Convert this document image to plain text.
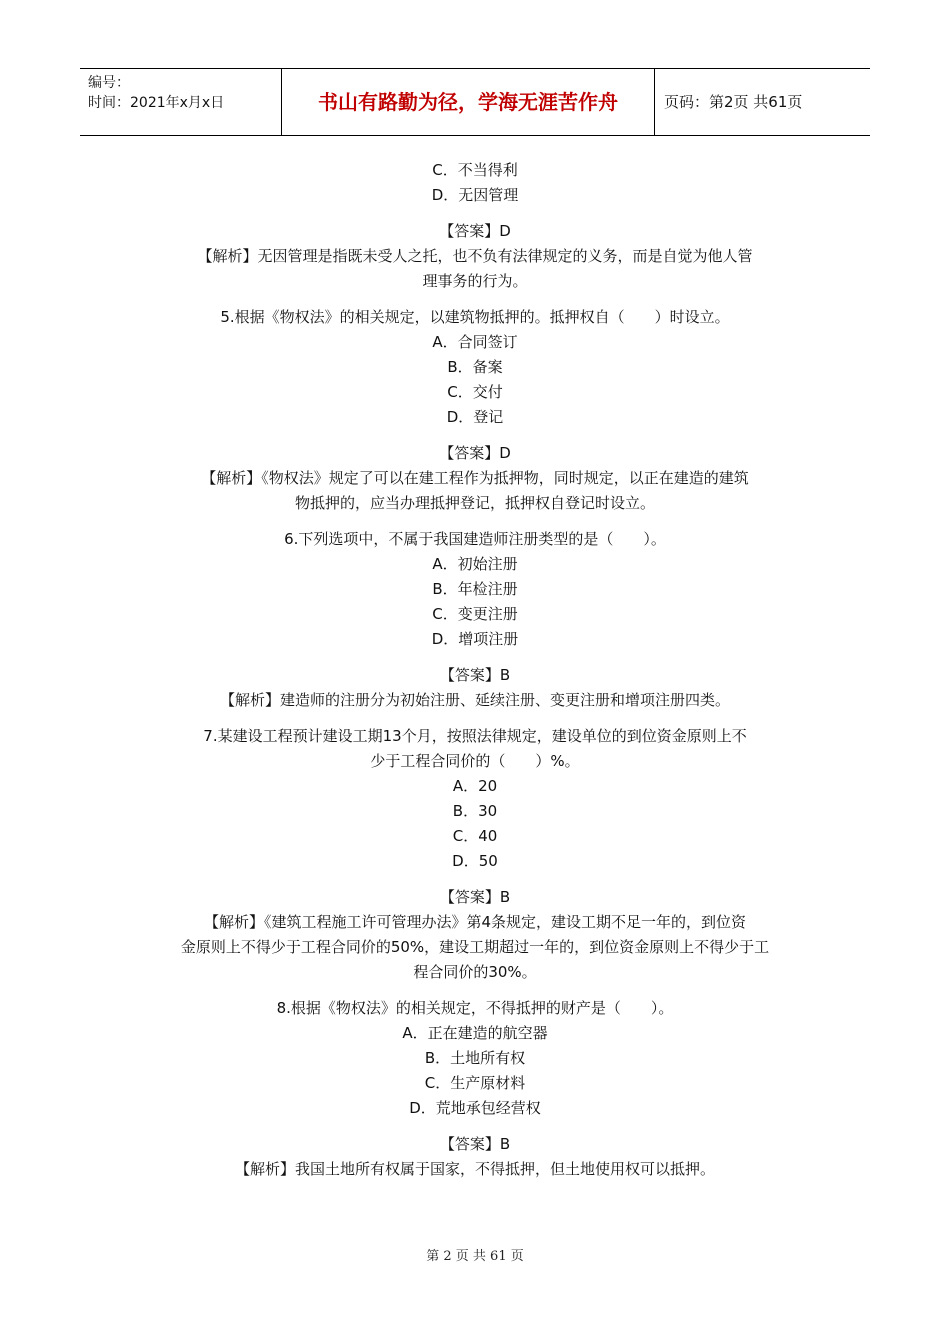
编号：
时间：2021年x月x日	书山有路勤为径，学海无涯苦作舟	页码：第2页 共61页

C．不当得利

D．无因管理

【答案】D

【解析】无因管理是指既未受人之托，也不负有法律规定的义务，而是自觉为他人管

理事务的行为。

5.根据《物权法》的相关规定，以建筑物抵押的。抵押权自（　　）时设立。

A．合同签订

B．备案

C．交付

D．登记

【答案】D

【解析】《物权法》规定了可以在建工程作为抵押物，同时规定，以正在建造的建筑

物抵押的，应当办理抵押登记，抵押权自登记时设立。

6.下列选项中，不属于我国建造师注册类型的是（　　）。

A．初始注册

B．年检注册

C．变更注册

D．增项注册

【答案】B

【解析】建造师的注册分为初始注册、延续注册、变更注册和增项注册四类。

7.某建设工程预计建设工期13个月，按照法律规定，建设单位的到位资金原则上不

少于工程合同价的（　　）%。

A．20

B．30

C．40

D．50

【答案】B

【解析】《建筑工程施工许可管理办法》第4条规定，建设工期不足一年的，到位资

金原则上不得少于工程合同价的50%，建设工期超过一年的，到位资金原则上不得少于工

程合同价的30%。

8.根据《物权法》的相关规定，不得抵押的财产是（　　）。

A．正在建造的航空器

B．土地所有权

C．生产原材料

D．荒地承包经营权

【答案】B

【解析】我国土地所有权属于国家，不得抵押，但土地使用权可以抵押。

第 2 页 共 61 页
